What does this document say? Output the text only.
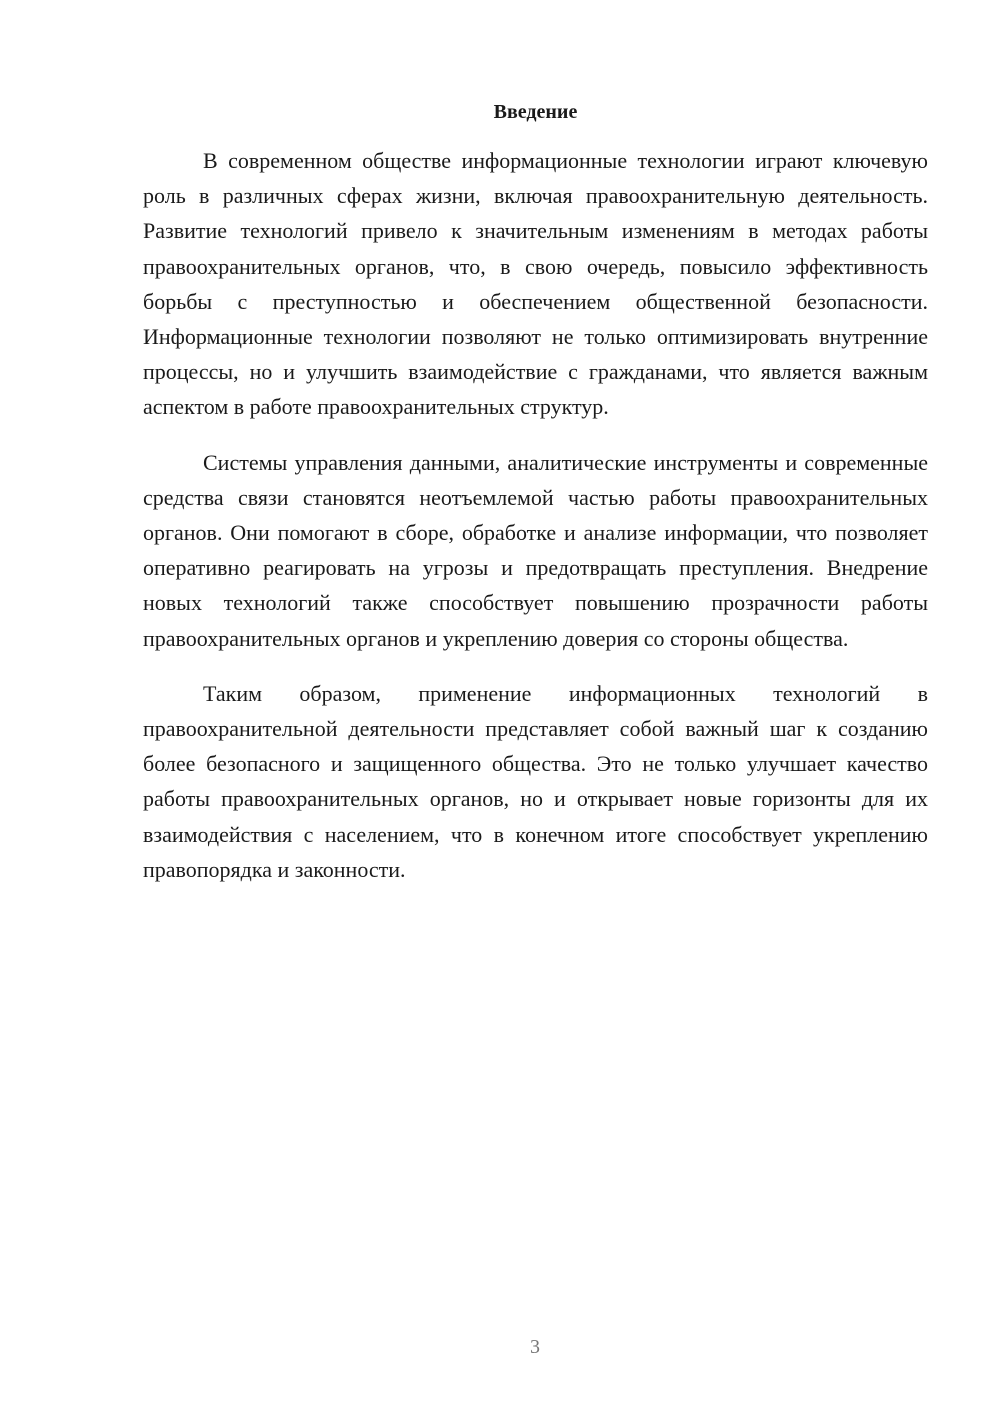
Введение

В современном обществе информационные технологии играют ключевую роль в различных сферах жизни, включая правоохранительную деятельность. Развитие технологий привело к значительным изменениям в методах работы правоохранительных органов, что, в свою очередь, повысило эффективность борьбы с преступностью и обеспечением общественной безопасности. Информационные технологии позволяют не только оптимизировать внутренние процессы, но и улучшить взаимодействие с гражданами, что является важным аспектом в работе правоохранительных структур.

Системы управления данными, аналитические инструменты и современные средства связи становятся неотъемлемой частью работы правоохранительных органов. Они помогают в сборе, обработке и анализе информации, что позволяет оперативно реагировать на угрозы и предотвращать преступления. Внедрение новых технологий также способствует повышению прозрачности работы правоохранительных органов и укреплению доверия со стороны общества.

Таким образом, применение информационных технологий в правоохранительной деятельности представляет собой важный шаг к созданию более безопасного и защищенного общества. Это не только улучшает качество работы правоохранительных органов, но и открывает новые горизонты для их взаимодействия с населением, что в конечном итоге способствует укреплению правопорядка и законности.

3
